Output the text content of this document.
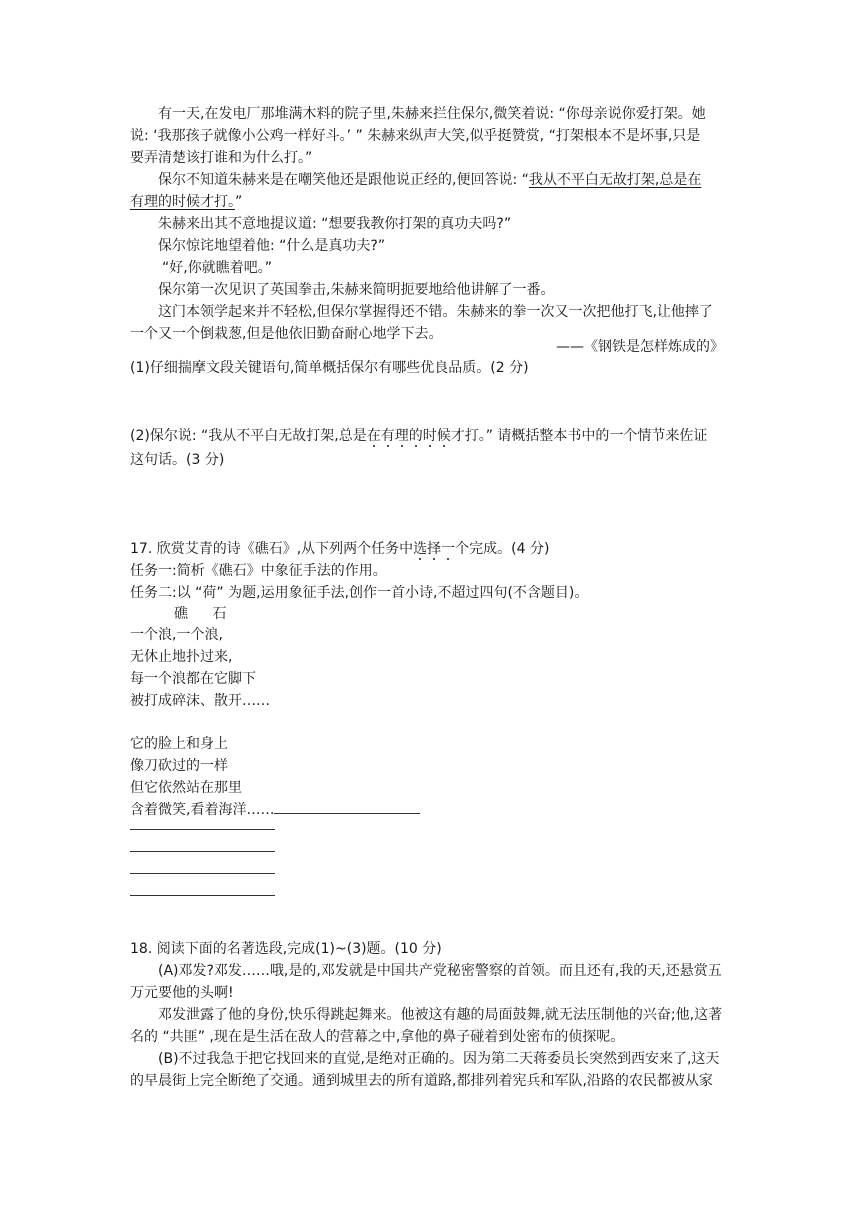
有一天,在发电厂那堆满木料的院子里,朱赫来拦住保尔,微笑着说: “你母亲说你爱打架。她
说: ‘我那孩子就像小公鸡一样好斗。’ ” 朱赫来纵声大笑,似乎挺赞赏, “打架根本不是坏事,只是
要弄清楚该打谁和为什么打。”
保尔不知道朱赫来是在嘲笑他还是跟他说正经的,便回答说: “我从不平白无故打架,总是在
有理的时候才打。”
朱赫来出其不意地提议道: “想要我教你打架的真功夫吗?”
保尔惊诧地望着他: “什么是真功夫?”
“好,你就瞧着吧。”
保尔第一次见识了英国拳击,朱赫来简明扼要地给他讲解了一番。
这门本领学起来并不轻松,但保尔掌握得还不错。朱赫来的拳一次又一次把他打飞,让他摔了
一个又一个倒栽葱,但是他依旧勤奋耐心地学下去。
——《钢铁是怎样炼成的》
(1)仔细揣摩文段关键语句,简单概括保尔有哪些优良品质。(2 分)
(2)保尔说: “我从不平白无故打架,总是在有理的时候才打。” 请概括整本书中的一个情节来佐证
这句话。(3 分)
17. 欣赏艾青的诗《礁石》,从下列两个任务中选择一个完成。(4 分)
任务一:简析《礁石》中象征手法的作用。
任务二:以 “荷” 为题,运用象征手法,创作一首小诗,不超过四句(不含题目)。
礁 石
一个浪,一个浪,
无休止地扑过来,
每一个浪都在它脚下
被打成碎沫、散开……
它的脸上和身上
像刀砍过的一样
但它依然站在那里
含着微笑,看着海洋……
18. 阅读下面的名著选段,完成(1)~(3)题。(10 分)
(A)邓发?邓发……哦,是的,邓发就是中国共产党秘密警察的首领。而且还有,我的天,还悬赏五
万元要他的头啊!
邓发泄露了他的身份,快乐得跳起舞来。他被这有趣的局面鼓舞,就无法压制他的兴奋;他,这著
名的 “共匪” ,现在是生活在敌人的营幕之中,拿他的鼻子碰着到处密布的侦探呢。
(B)不过我急于把它找回来的直觉,是绝对正确的。因为第二天蒋委员长突然到西安来了,这天
的早晨街上完全断绝了交通。通到城里去的所有道路,都排列着宪兵和军队,沿路的农民都被从家
